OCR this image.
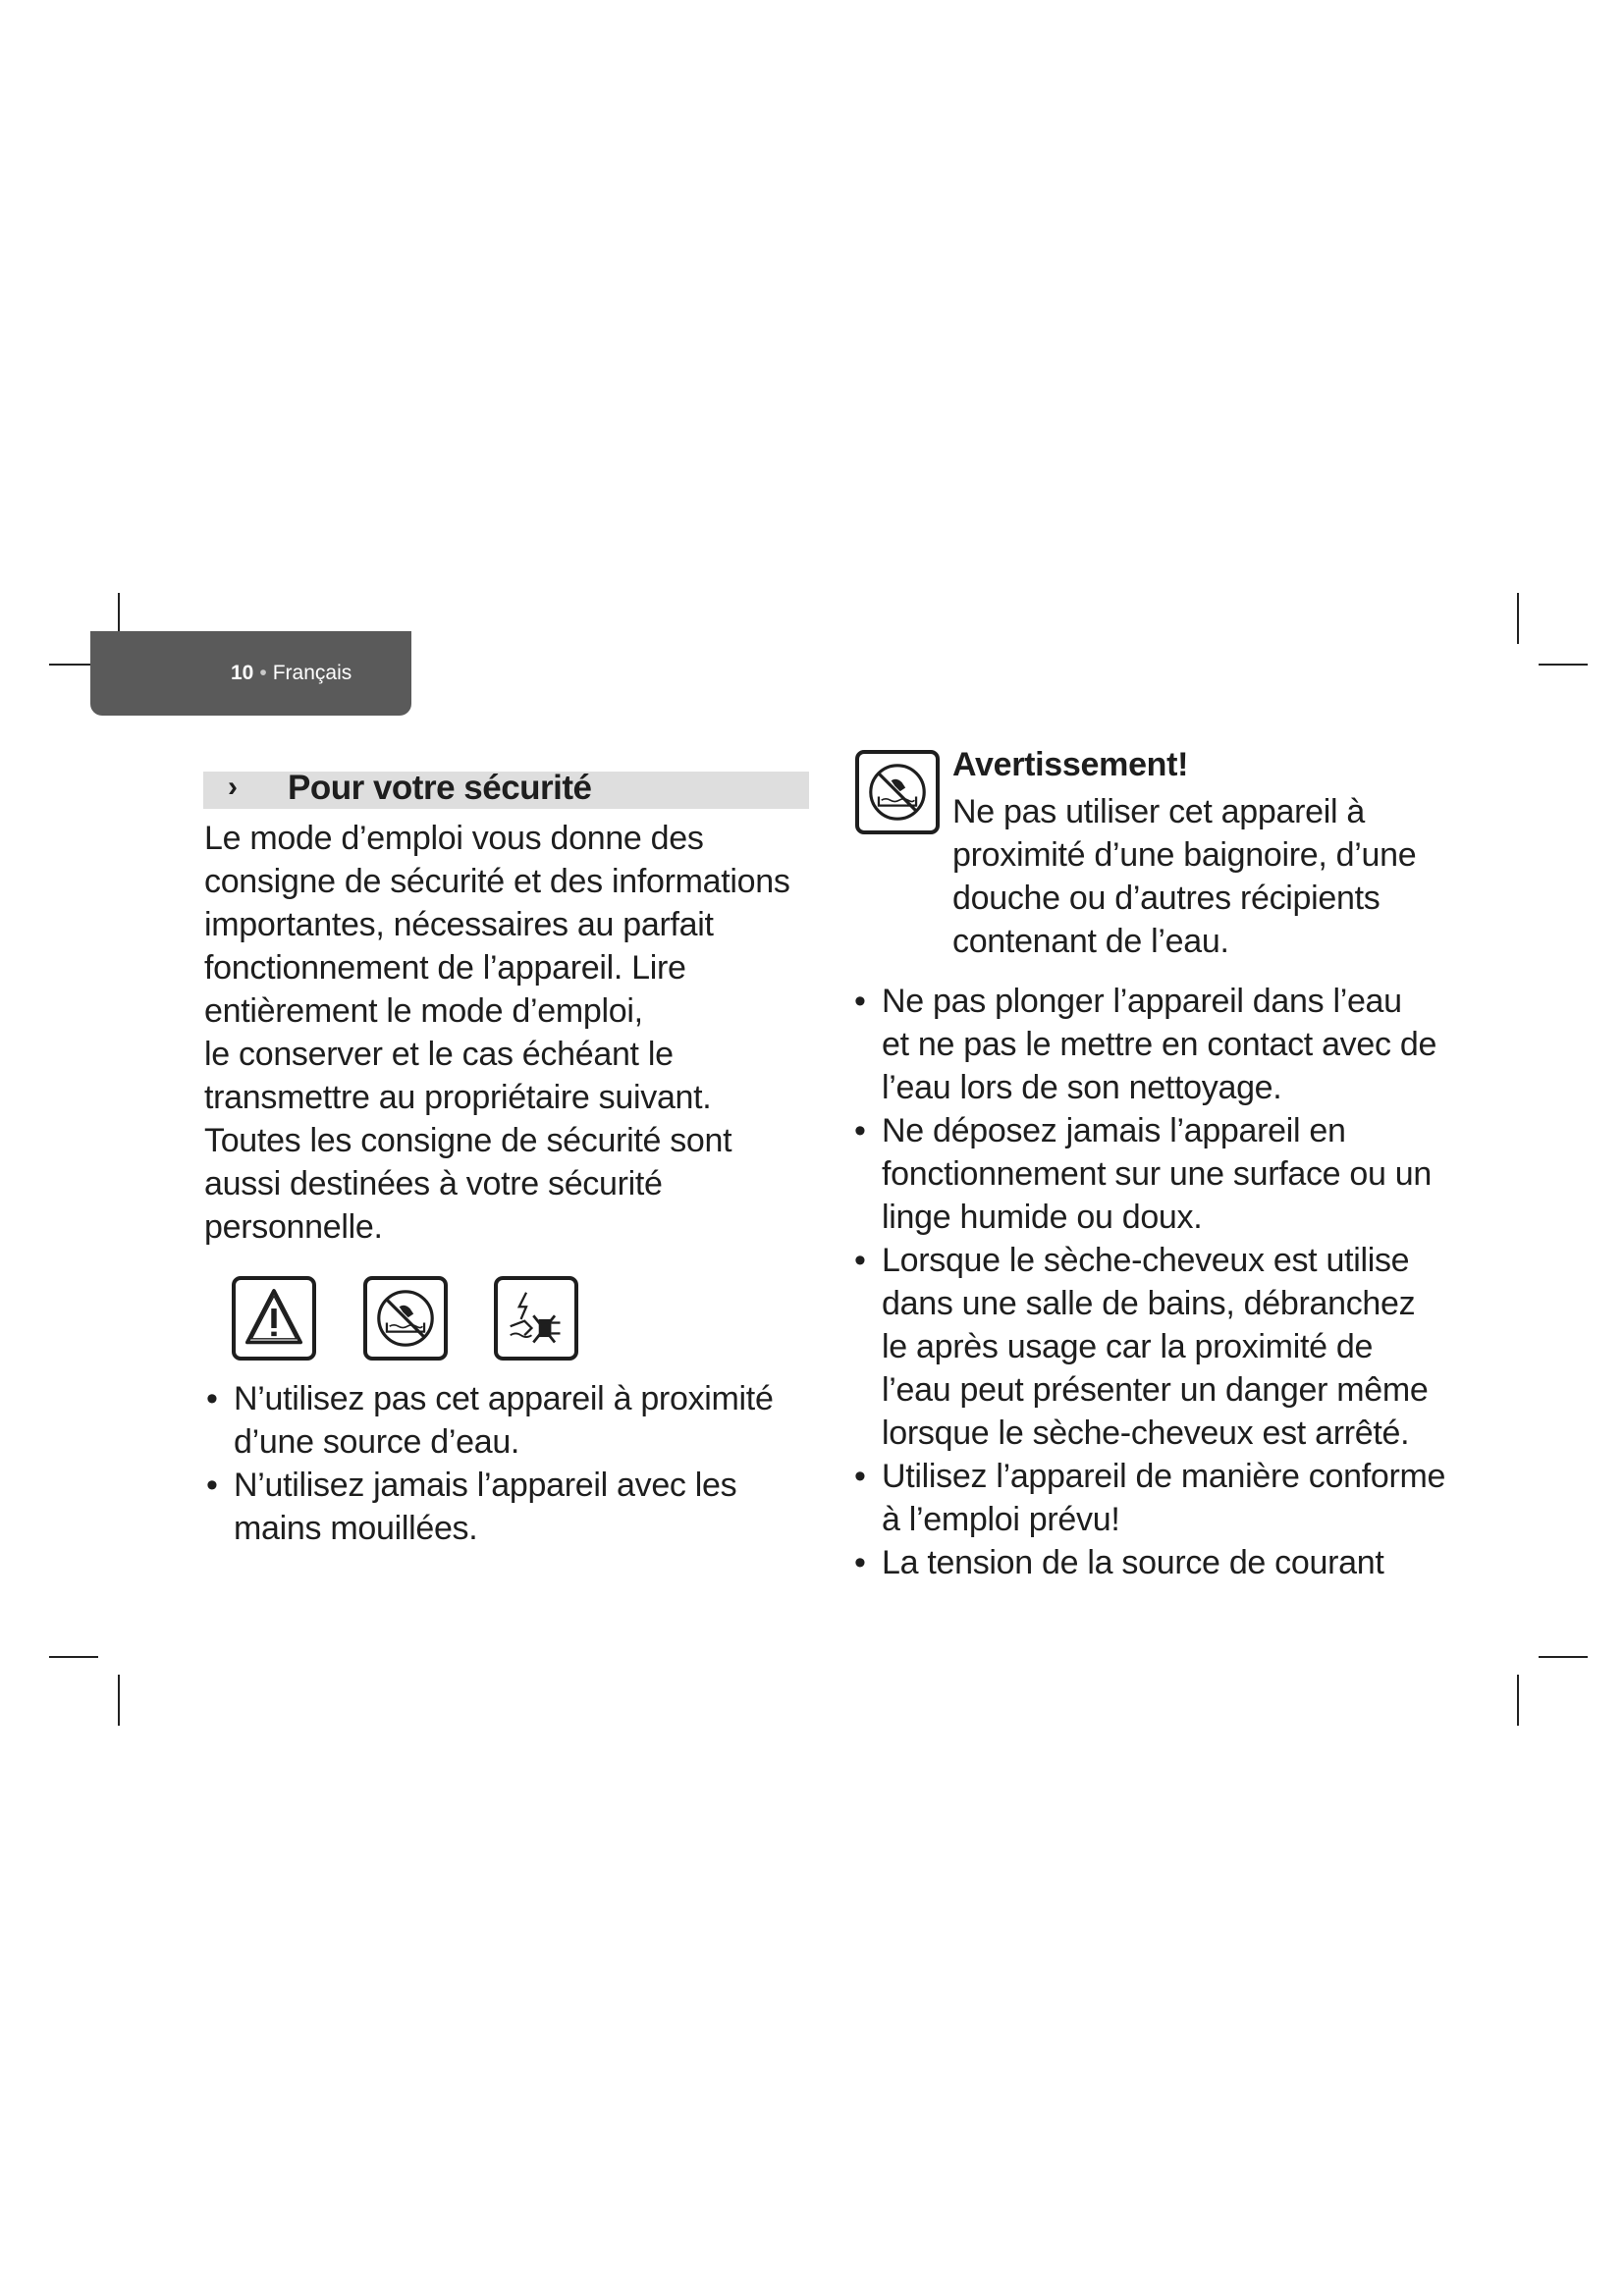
10 • Français
› Pour votre sécurité

Le mode d’emploi vous donne des
consigne de sécurité et des informations
importantes, nécessaires au parfait
fonctionnement de l’appareil. Lire
entièrement le mode d’emploi,
le conserver et le cas échéant le
transmettre au propriétaire suivant.
Toutes les consigne de sécurité sont
aussi destinées à votre sécurité
personnelle.

• N’utilisez pas cet appareil à proximité
d’une source d’eau.
• N’utilisez jamais l’appareil avec les
mains mouillées.
Avertissement!

Ne pas utiliser cet appareil à
proximité d’une baignoire, d’une
douche ou d’autres récipients
contenant de l’eau.

• Ne pas plonger l’appareil dans l’eau
et ne pas le mettre en contact avec de
l’eau lors de son nettoyage.
• Ne déposez jamais l’appareil en
fonctionnement sur une surface ou un
linge humide ou doux.
• Lorsque le sèche-cheveux est utilise
dans une salle de bains, débranchez
le après usage car la proximité de
l’eau peut présenter un danger même
lorsque le sèche-cheveux est arrêté.
• Utilisez l’appareil de manière conforme
à l’emploi prévu!
• La tension de la source de courant
